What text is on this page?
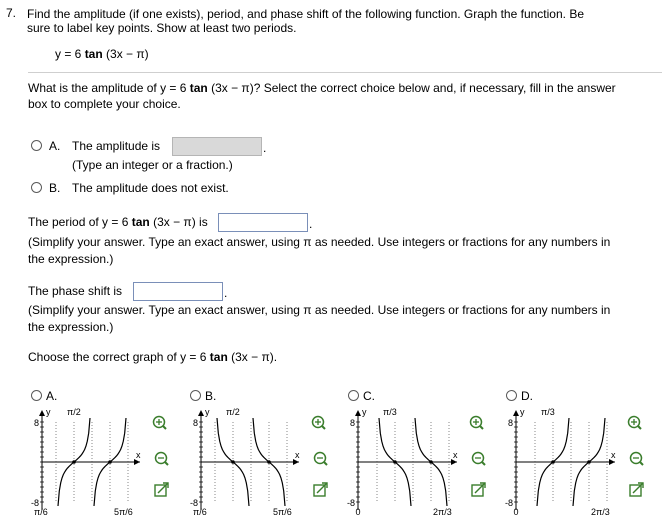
7. Find the amplitude (if one exists), period, and phase shift of the following function. Graph the function. Be
sure to label key points. Show at least two periods.
y = 6 tan (3x − π)
What is the amplitude of y = 6 tan (3x − π)? Select the correct choice below and, if necessary, fill in the answer
box to complete your choice.
A. The amplitude is	.
(Type an integer or a fraction.)
B. The amplitude does not exist.
The period of y = 6 tan (3x − π) is	.
(Simplify your answer. Type an exact answer, using π as needed. Use integers or fractions for any numbers in
the expression.)
The phase shift is	.
(Simplify your answer. Type an exact answer, using π as needed. Use integers or fractions for any numbers in
the expression.)
Choose the correct graph of y = 6 tan (3x − π).
A.
y π/2
8
-8
x
π/6	5π/6
B.
y π/2
8
-8
x
π/6	5π/6
C.
y π/3
8
-8
x
0	2π/3
D.
y π/3
8
-8
x
0	2π/3
